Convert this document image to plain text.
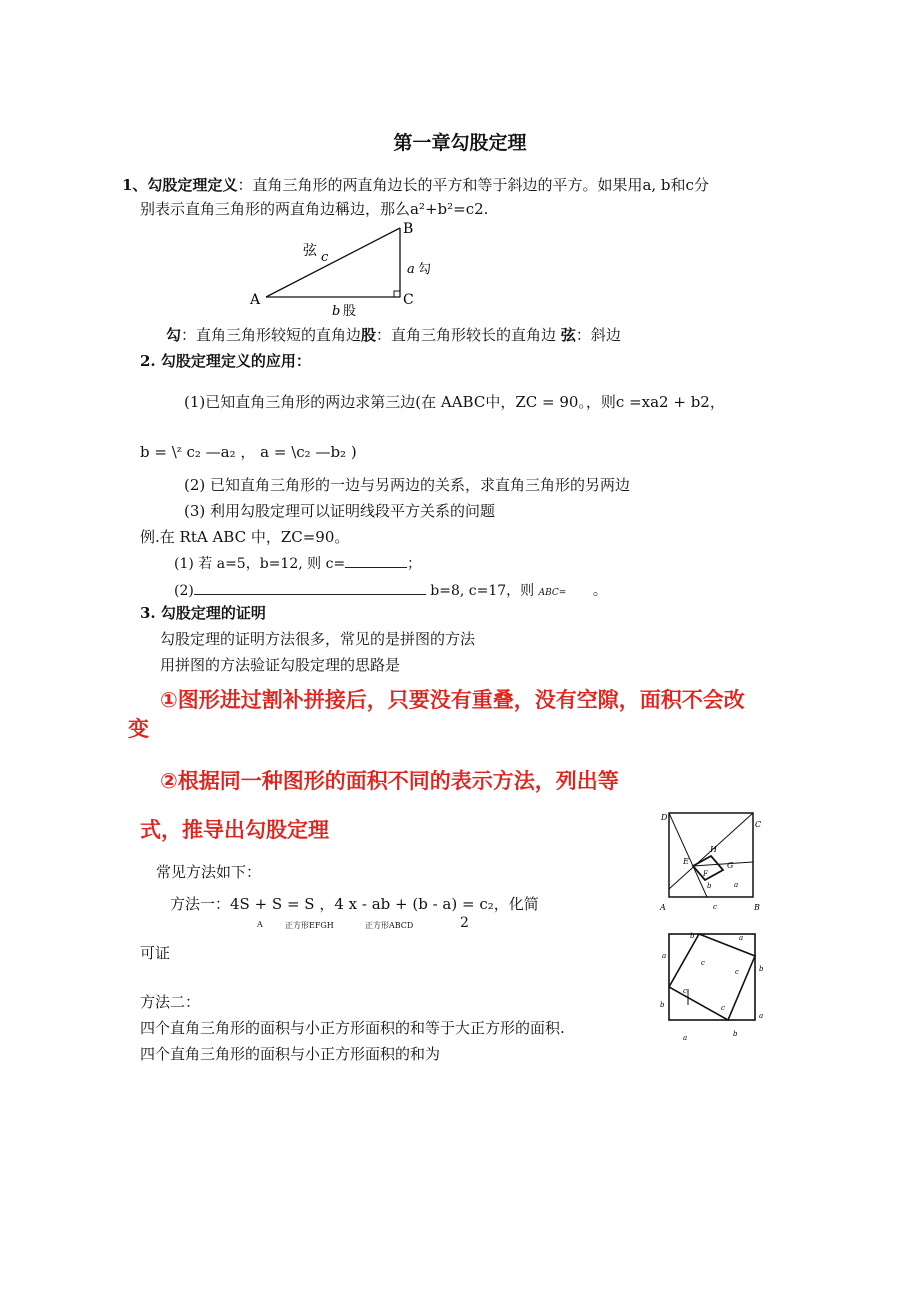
第一章勾股定理
1、勾股定理定义：直角三角形的两直角边长的平方和等于斜边的平方。如果用a, b和c分
别表示直角三角形的两直角边稱边，那么a²+b²=c2.
A
B
C
弦 c
a 勾
b 股
勾：直角三角形较短的直角边股：直角三角形较长的直角边 弦：斜边
2. 勾股定理定义的应用：
(1)已知直角三角形的两边求第三边(在 AABC中，ZC = 90。，则c =xa2 + b2，
b = \ᶻ c₂ —a₂ ， a = \c₂ —b₂ )
(2) 已知直角三角形的一边与另两边的关系，求直角三角形的另两边
(3) 利用勾股定理可以证明线段平方关系的问题
例.在 RtA ABC 中，ZC=90。
(1) 若 a=5，b=12, 则 c=	；
(2)	b=8, c=17，则 ABC= 。
3. 勾股定理的证明
勾股定理的证明方法很多，常见的是拼图的方法
用拼图的方法验证勾股定理的思路是
①图形进过割补拼接后，只要没有重叠，没有空隙，面积不会改
变
②根据同一种图形的面积不同的表示方法，列出等
式，推导出勾股定理
常见方法如下：
方法一：4S + S = S ，4 x - ab + (b - a) = c₂，化简
A	正方形EFGH	正方形ABCD	2
可证
方法二：
四个直角三角形的面积与小正方形面积的和等于大正方形的面积.
四个直角三角形的面积与小正方形面积的和为
D
C
A	B
E
H
G
F
b	a
c
b	a
a
b
b
a
a	b
c
c
c
c
